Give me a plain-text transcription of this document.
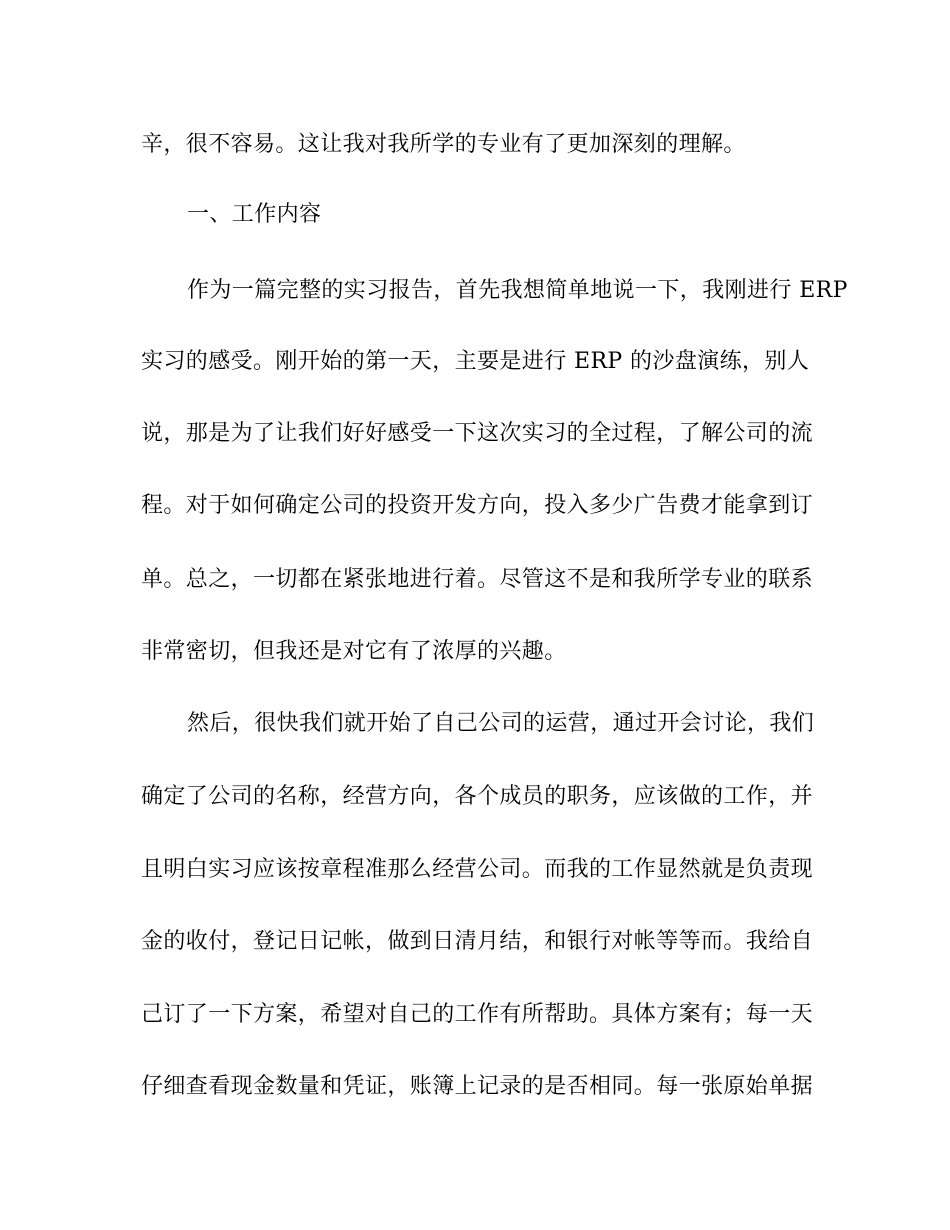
辛，很不容易。这让我对我所学的专业有了更加深刻的理解。
一、工作内容
作为一篇完整的实习报告，首先我想简单地说一下，我刚进行 ERP
实习的感受。刚开始的第一天，主要是进行 ERP 的沙盘演练，别人
说，那是为了让我们好好感受一下这次实习的全过程，了解公司的流
程。对于如何确定公司的投资开发方向，投入多少广告费才能拿到订
单。总之，一切都在紧张地进行着。尽管这不是和我所学专业的联系
非常密切，但我还是对它有了浓厚的兴趣。
然后，很快我们就开始了自己公司的运营，通过开会讨论，我们
确定了公司的名称，经营方向，各个成员的职务，应该做的工作，并
且明白实习应该按章程准那么经营公司。而我的工作显然就是负责现
金的收付，登记日记帐，做到日清月结，和银行对帐等等而。我给自
己订了一下方案，希望对自己的工作有所帮助。具体方案有；每一天
仔细查看现金数量和凭证，账簿上记录的是否相同。每一张原始单据
